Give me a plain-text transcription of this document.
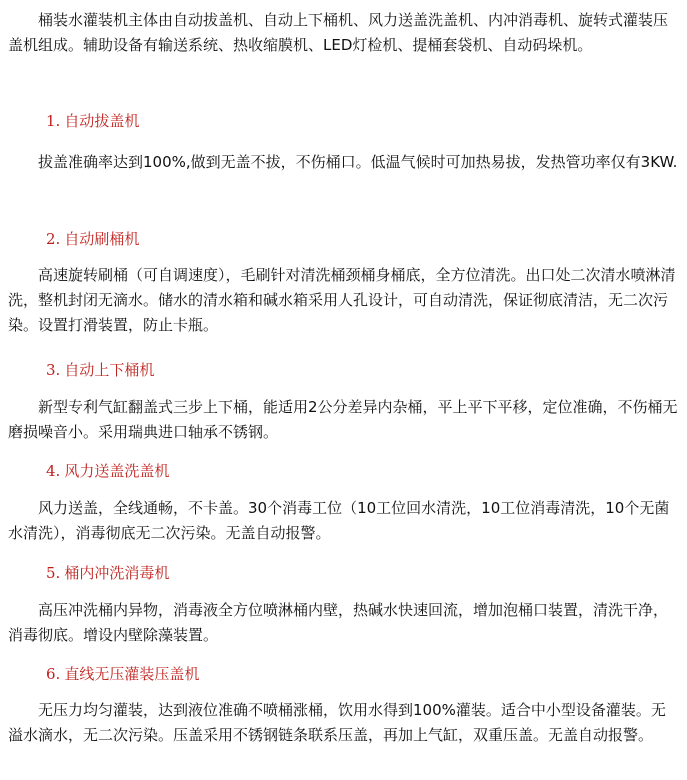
桶装水灌装机主体由自动拔盖机、自动上下桶机、风力送盖洗盖机、内冲消毒机、旋转式灌装压盖机组成。辅助设备有输送系统、热收缩膜机、LED灯检机、提桶套袋机、自动码垛机。

1. 自动拔盖机

拔盖准确率达到100%,做到无盖不拔，不伤桶口。低温气候时可加热易拔，发热管功率仅有3KW.

2. 自动刷桶机

高速旋转刷桶（可自调速度），毛刷针对清洗桶颈桶身桶底，全方位清洗。出口处二次清水喷淋清洗，整机封闭无滴水。储水的清水箱和碱水箱采用人孔设计，可自动清洗，保证彻底清洁，无二次污染。设置打滑装置，防止卡瓶。

3. 自动上下桶机

新型专利气缸翻盖式三步上下桶，能适用2公分差异内杂桶，平上平下平移，定位准确，不伤桶无磨损噪音小。采用瑞典进口轴承不锈钢。

4. 风力送盖洗盖机

风力送盖，全线通畅，不卡盖。30个消毒工位（10工位回水清洗，10工位消毒清洗，10个无菌水清洗），消毒彻底无二次污染。无盖自动报警。

5. 桶内冲洗消毒机

高压冲洗桶内异物，消毒液全方位喷淋桶内壁，热碱水快速回流，增加泡桶口装置，清洗干净，消毒彻底。增设内壁除藻装置。

6. 直线无压灌装压盖机

无压力均匀灌装，达到液位准确不喷桶涨桶，饮用水得到100%灌装。适合中小型设备灌装。无溢水滴水，无二次污染。压盖采用不锈钢链条联系压盖，再加上气缸，双重压盖。无盖自动报警。
